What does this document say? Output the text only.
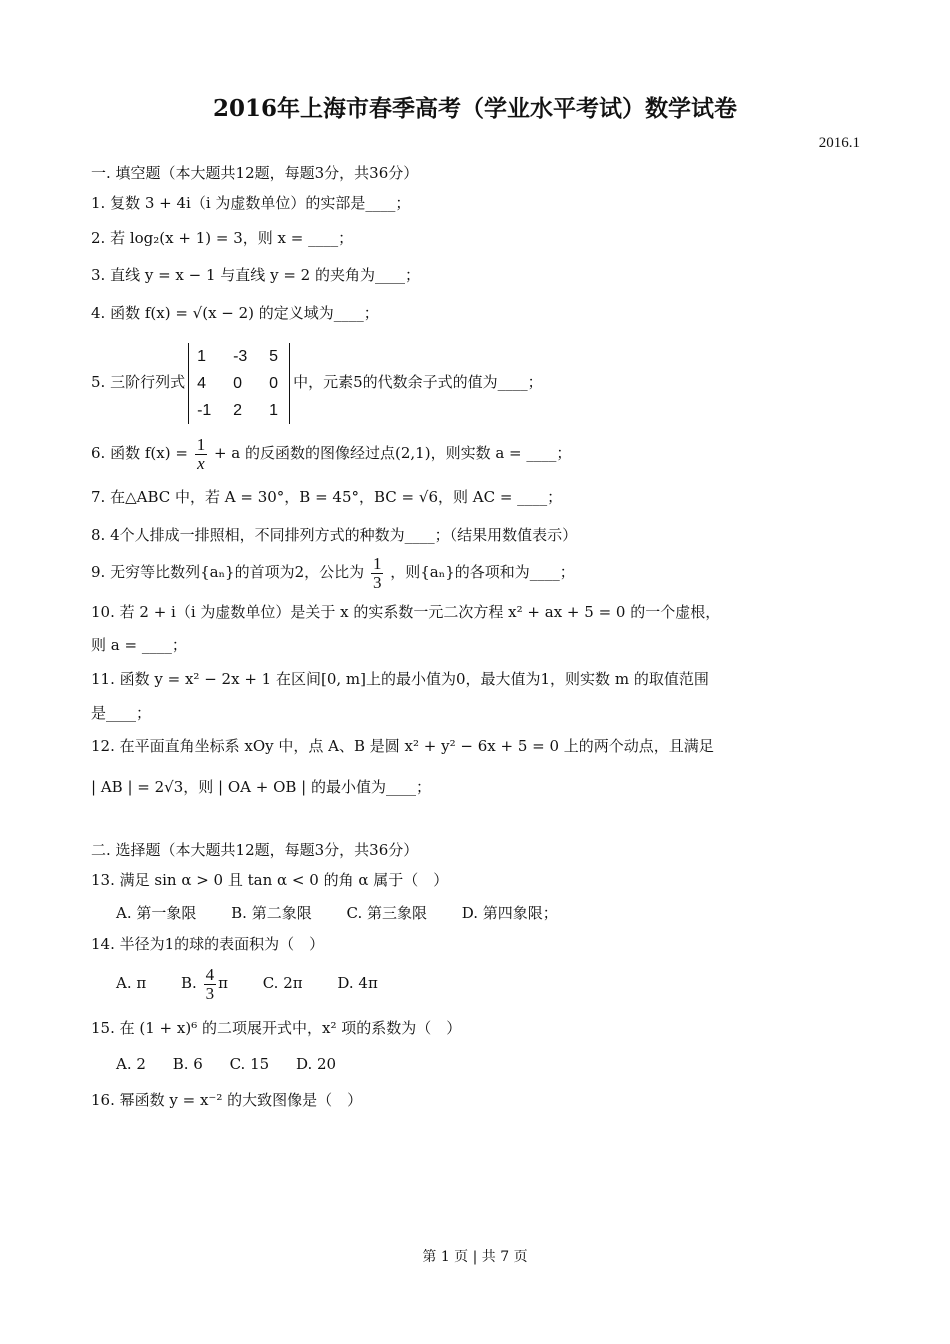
2016年上海市春季高考（学业水平考试）数学试卷
2016.1
一. 填空题（本大题共12题，每题3分，共36分）
1. 复数 3 + 4i（i 为虚数单位）的实部是____；
2. 若 log₂(x + 1) = 3，则 x = ____；
3. 直线 y = x − 1 与直线 y = 2 的夹角为____；
4. 函数 f(x) = √(x − 2) 的定义域为____；
5. 三阶行列式
1	-3	5
4	0	0
-1	2	1
中，元素5的代数余子式的值为____；
6. 函数 $f(x) = \frac{1}{x} + a$ 的反函数的图像经过点(2,1)，则实数 a = ____；
7. 在△ABC 中，若 A = 30°，B = 45°，BC = √6，则 AC = ____；
8. 4个人排成一排照相，不同排列方式的种数为____；（结果用数值表示）
9. 无穷等比数列{aₙ}的首项为2，公比为 $\frac{1}{3}$ ，则{aₙ}的各项和为____；
10. 若 2 + i（i 为虚数单位）是关于 x 的实系数一元二次方程 x² + ax + 5 = 0 的一个虚根，
则 a = ____；
11. 函数 y = x² − 2x + 1 在区间[0, m]上的最小值为0，最大值为1，则实数 m 的取值范围
是____；
12. 在平面直角坐标系 xOy 中，点 A、B 是圆 x² + y² − 6x + 5 = 0 上的两个动点，且满足
| AB | = 2√3，则 | OA + OB | 的最小值为____；
二. 选择题（本大题共12题，每题3分，共36分）
13. 满足 sin α > 0 且 tan α < 0 的角 α 属于（　）
A. 第一象限 B. 第二象限 C. 第三象限 D. 第四象限；
14. 半径为1的球的表面积为（　）
A. π B. $\frac{4}{3}$ π C. 2π D. 4π
15. 在 (1 + x)⁶ 的二项展开式中，x² 项的系数为（　）
A. 2 B. 6 C. 15 D. 20
16. 幂函数 y = x⁻² 的大致图像是（　）
第 1 页 | 共 7 页
